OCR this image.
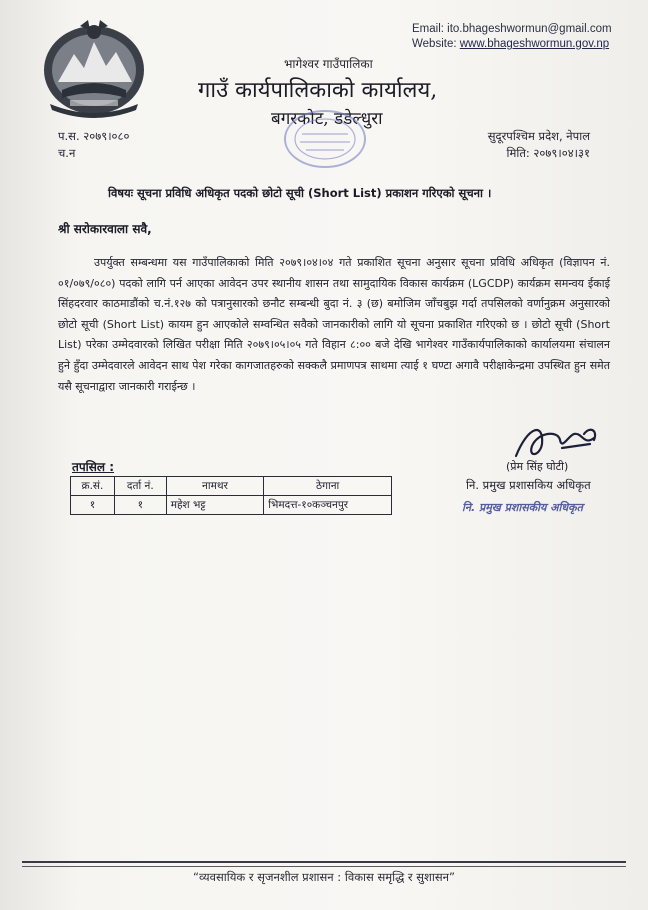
Email: ito.bhageshwormun@gmail.com
Website: www.bhageshwormun.gov.np
भागेश्वर गाउँपालिका
गाउँ कार्यपालिकाको कार्यालय,
बगरकोट, डडेल्धुरा
प.स. २०७९।०८०
च.न
सुदूरपश्चिम प्रदेश, नेपाल
मिति: २०७९।०४।३१
विषयः सूचना प्रविधि अधिकृत पदको छोटो सूची (Short List) प्रकाशन गरिएको सूचना ।
श्री सरोकारवाला सवै,
उपर्युक्त सम्बन्धमा यस गाउँपालिकाको मिति २०७९।०४।०४ गते प्रकाशित सूचना अनुसार सूचना प्रविधि अधिकृत (विज्ञापन नं. ०१/०७९/०८०) पदको लागि पर्न आएका आवेदन उपर स्थानीय शासन तथा सामुदायिक विकास कार्यक्रम (LGCDP) कार्यक्रम समन्वय ईकाई सिंहदरवार काठमाडौंको च.नं.१२७ को पत्रानुसारको छनौट सम्बन्धी बुदा नं. ३ (छ) बमोजिम जाँचबुझ गर्दा तपसिलको वर्णानुक्रम अनुसारको छोटो सूची (Short List) कायम हुन आएकोले सम्वन्धित सवैको जानकारीको लागि यो सूचना प्रकाशित गरिएको छ । छोटो सूची (Short List) परेका उम्मेदवारको लिखित परीक्षा मिति २०७९।०५।०५ गते विहान ८:०० बजे देखि भागेश्वर गाउँकार्यपालिकाको कार्यालयमा संचालन हुने हुँदा उम्मेदवारले आवेदन साथ पेश गरेका कागजातहरुको सक्कलै प्रमाणपत्र साथमा त्याई १ घण्टा अगावै परीक्षाकेन्द्रमा उपस्थित हुन समेत यसै सूचनाद्वारा जानकारी गराईन्छ ।
(प्रेम सिंह घोटी)
नि. प्रमुख प्रशासकिय अधिकृत
नि. प्रमुख प्रशासकीय अधिकृत
तपसिल :
क्र.सं.	दर्ता नं.	नामथर	ठेगाना
१	१	महेश भट्ट	भिमदत्त-१०कञ्चनपुर
“व्यवसायिक र सृजनशील प्रशासन : विकास समृद्धि र सुशासन”
